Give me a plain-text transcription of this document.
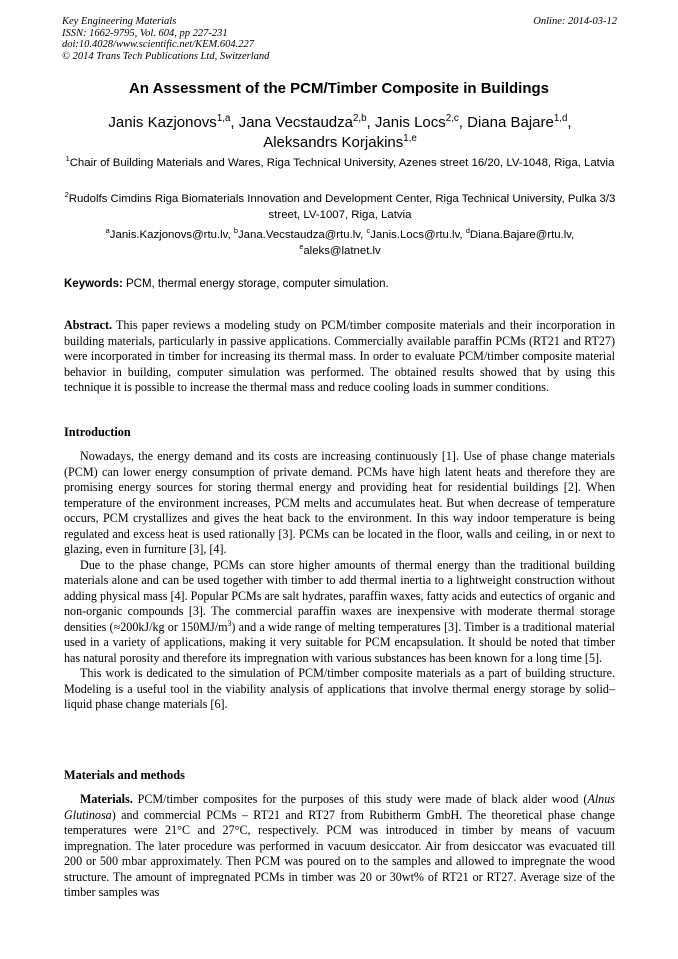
Key Engineering Materials
ISSN: 1662-9795, Vol. 604, pp 227-231
doi:10.4028/www.scientific.net/KEM.604.227
© 2014 Trans Tech Publications Ltd, Switzerland
Online: 2014-03-12
An Assessment of the PCM/Timber Composite in Buildings
Janis Kazjonovs$^{1,a}$, Jana Vecstaudza$^{2,b}$, Janis Locs$^{2,c}$, Diana Bajare$^{1,d}$,
Aleksandrs Korjakins$^{1,e}$
$^1$Chair of Building Materials and Wares, Riga Technical University, Azenes street 16/20, LV-1048, Riga, Latvia
$^2$Rudolfs Cimdins Riga Biomaterials Innovation and Development Center, Riga Technical University, Pulka 3/3 street, LV-1007, Riga, Latvia
$^a$Janis.Kazjonovs@rtu.lv, $^b$Jana.Vecstaudza@rtu.lv, $^c$Janis.Locs@rtu.lv, $^d$Diana.Bajare@rtu.lv,
$^e$aleks@latnet.lv
Keywords: PCM, thermal energy storage, computer simulation.

Abstract. This paper reviews a modeling study on PCM/timber composite materials and their incorporation in building materials, particularly in passive applications. Commercially available paraffin PCMs (RT21 and RT27) were incorporated in timber for increasing its thermal mass. In order to evaluate PCM/timber composite material behavior in building, computer simulation was performed. The obtained results showed that by using this technique it is possible to increase the thermal mass and reduce cooling loads in summer conditions.

Introduction

Nowadays, the energy demand and its costs are increasing continuously [1]. Use of phase change materials (PCM) can lower energy consumption of private demand. PCMs have high latent heats and therefore they are promising energy sources for storing thermal energy and providing heat for residential buildings [2]. When temperature of the environment increases, PCM melts and accumulates heat. But when decrease of temperature occurs, PCM crystallizes and gives the heat back to the environment. In this way indoor temperature is being regulated and excess heat is used rationally [3]. PCMs can be located in the floor, walls and ceiling, in or next to glazing, even in furniture [3], [4].

Due to the phase change, PCMs can store higher amounts of thermal energy than the traditional building materials alone and can be used together with timber to add thermal inertia to a lightweight construction without adding physical mass [4]. Popular PCMs are salt hydrates, paraffin waxes, fatty acids and eutectics of organic and non-organic compounds [3]. The commercial paraffin waxes are inexpensive with moderate thermal storage densities (≈200kJ/kg or $150MJ/m^3$) and a wide range of melting temperatures [3]. Timber is a traditional material used in a variety of applications, making it very suitable for PCM encapsulation. It should be noted that timber has natural porosity and therefore its impregnation with various substances has been known for a long time [5].

This work is dedicated to the simulation of PCM/timber composite materials as a part of building structure. Modeling is a useful tool in the viability analysis of applications that involve thermal energy storage by solid–liquid phase change materials [6].

Materials and methods

Materials. PCM/timber composites for the purposes of this study were made of black alder wood (Alnus Glutinosa) and commercial PCMs – RT21 and RT27 from Rubitherm GmbH. The theoretical phase change temperatures were 21°C and 27°C, respectively. PCM was introduced in timber by means of vacuum impregnation. The later procedure was performed in vacuum desiccator. Air from desiccator was evacuated till 200 or 500 mbar approximately. Then PCM was poured on to the samples and allowed to impregnate the wood structure. The amount of impregnated PCMs in timber was 20 or 30wt% of RT21 or RT27. Average size of the timber samples was
